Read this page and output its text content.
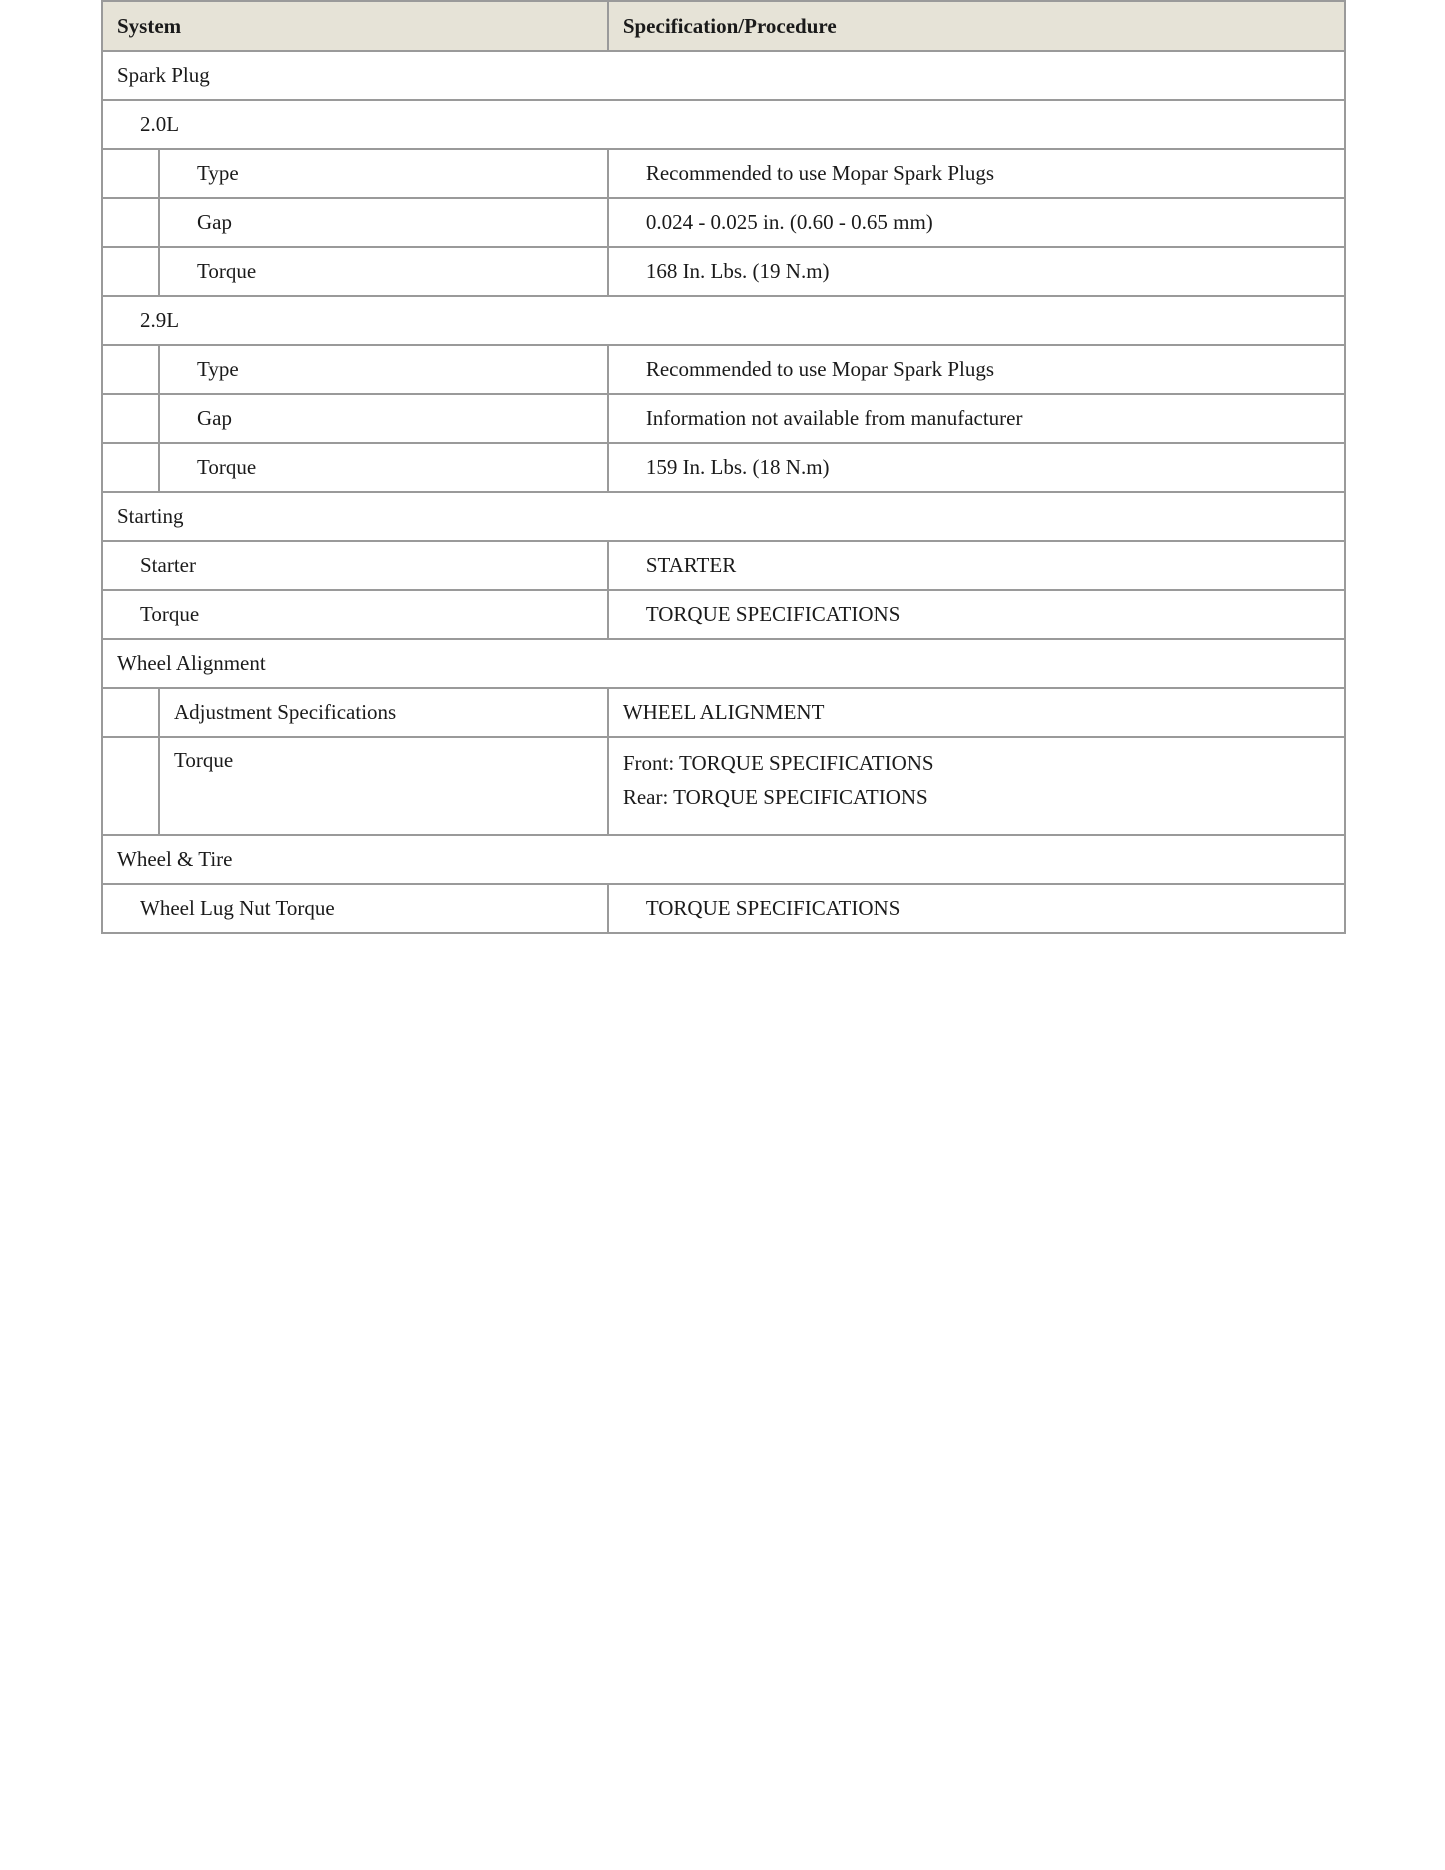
System	Specification/Procedure
Spark Plug	
2.0L	

Type	Recommended to use Mopar Spark Plugs

Gap	0.024 - 0.025 in. (0.60 - 0.65 mm)

Torque	168 In. Lbs. (19 N.m)
2.9L	

Type	Recommended to use Mopar Spark Plugs

Gap	Information not available from manufacturer

Torque	159 In. Lbs. (18 N.m)
Starting	
Starter	STARTER
Torque	TORQUE SPECIFICATIONS
Wheel Alignment	

Adjustment Specifications	WHEEL ALIGNMENT

Torque	Front: TORQUE SPECIFICATIONS
Rear: TORQUE SPECIFICATIONS

Wheel & Tire	
Wheel Lug Nut Torque	TORQUE SPECIFICATIONS
